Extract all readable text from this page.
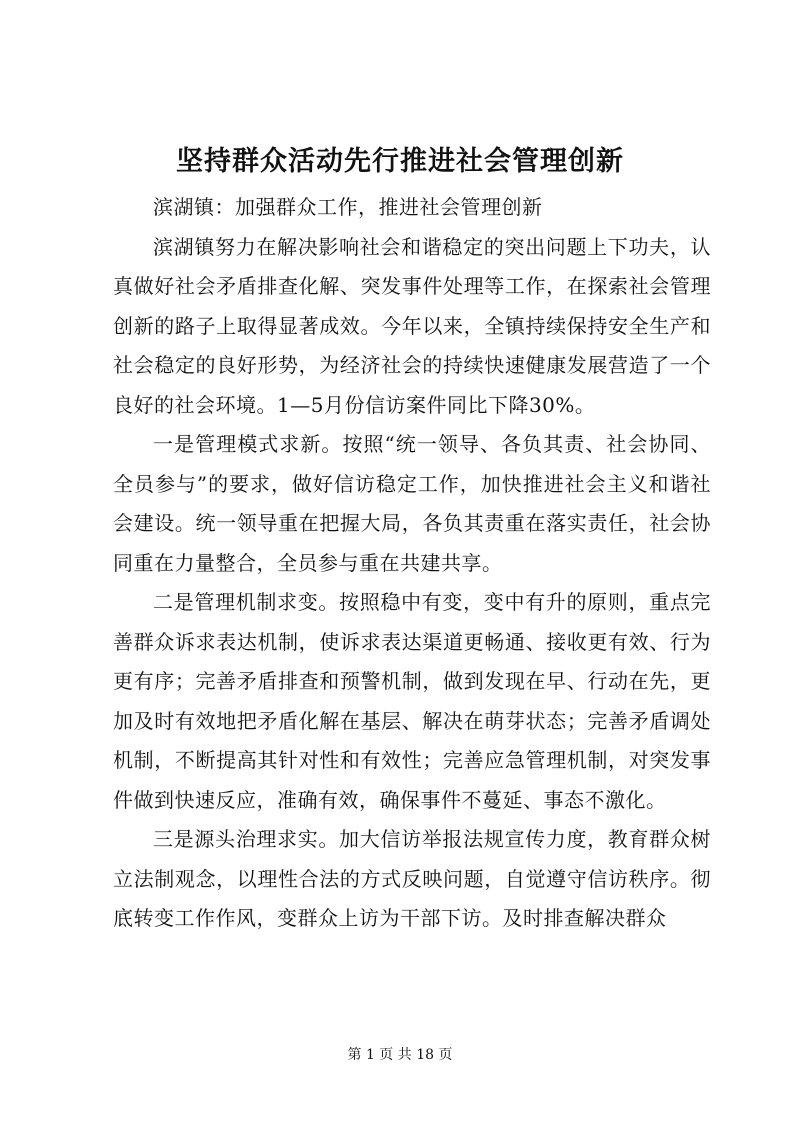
坚持群众活动先行推进社会管理创新

滨湖镇：加强群众工作，推进社会管理创新

滨湖镇努力在解决影响社会和谐稳定的突出问题上下功夫，认真做好社会矛盾排查化解、突发事件处理等工作，在探索社会管理创新的路子上取得显著成效。今年以来，全镇持续保持安全生产和社会稳定的良好形势，为经济社会的持续快速健康发展营造了一个良好的社会环境。1—5月份信访案件同比下降30%。

一是管理模式求新。按照“统一领导、各负其责、社会协同、全员参与”的要求，做好信访稳定工作，加快推进社会主义和谐社会建设。统一领导重在把握大局，各负其责重在落实责任，社会协同重在力量整合，全员参与重在共建共享。

二是管理机制求变。按照稳中有变，变中有升的原则，重点完善群众诉求表达机制，使诉求表达渠道更畅通、接收更有效、行为更有序；完善矛盾排查和预警机制，做到发现在早、行动在先，更加及时有效地把矛盾化解在基层、解决在萌芽状态；完善矛盾调处机制，不断提高其针对性和有效性；完善应急管理机制，对突发事件做到快速反应，准确有效，确保事件不蔓延、事态不激化。

三是源头治理求实。加大信访举报法规宣传力度，教育群众树立法制观念，以理性合法的方式反映问题，自觉遵守信访秩序。彻底转变工作作风，变群众上访为干部下访。及时排查解决群众

第 1 页 共 18 页
